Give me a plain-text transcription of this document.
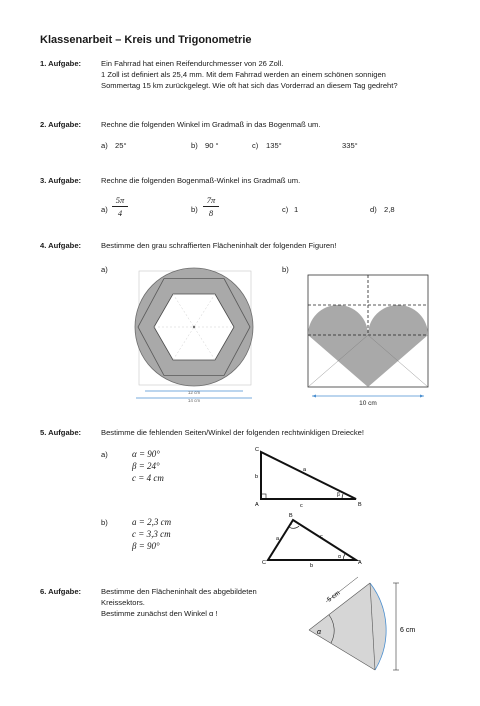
Klassenarbeit – Kreis und Trigonometrie
1. Aufgabe:	Ein Fahrrad hat einen Reifendurchmesser von 26 Zoll.
1 Zoll ist definiert als 25,4 mm. Mit dem Fahrrad werden an einem schönen sonnigen
Sommertag 15 km zurückgelegt. Wie oft hat sich das Vorderrad an diesem Tag gedreht?
2. Aufgabe:	Rechne die folgenden Winkel im Gradmaß in das Bogenmaß um.
a) 25°	b) 90 °	c) 135°	335°
3. Aufgabe:	Rechne die folgenden Bogenmaß-Winkel ins Gradmaß um.
$a) \frac{5\pi}{4}$	$b) \frac{7\pi}{8}$	c) 1	d) 2,8
4. Aufgabe:	Bestimme den grau schraffierten Flächeninhalt der folgenden Figuren!
a)	b)
12 cm
14 cm	10 cm
5. Aufgabe:	Bestimme die fehlenden Seiten/Winkel der folgenden rechtwinkligen Dreiecke!
a)	α = 90°
β = 24°
c = 4 cm
b)	a = 2,3 cm
c = 3,3 cm
β = 90°
C
A	B
a
b
c
β
B
C	A
a	c
b
α
·
6. Aufgabe:	Bestimme den Flächeninhalt des abgebildeten
Kreissektors.
Bestimme zunächst den Winkel α !
α
5 cm
6 cm
